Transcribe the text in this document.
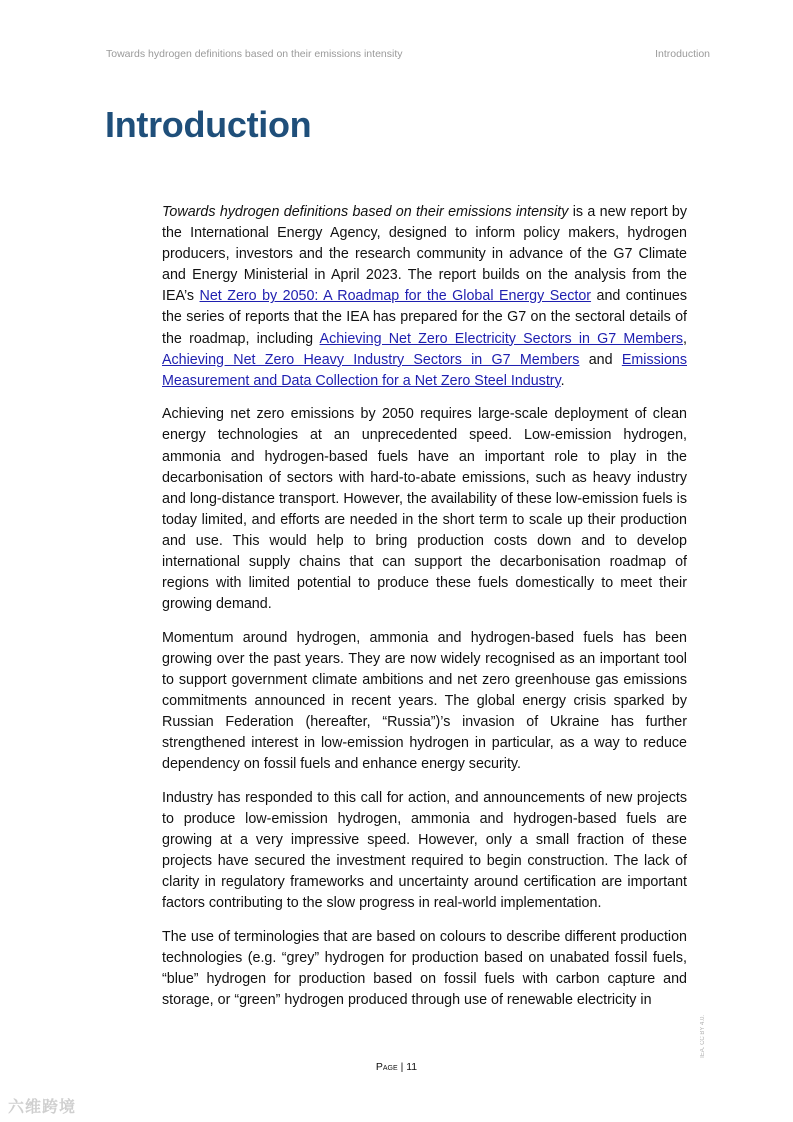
Towards hydrogen definitions based on their emissions intensity	Introduction
Introduction

Towards hydrogen definitions based on their emissions intensity is a new report by the International Energy Agency, designed to inform policy makers, hydrogen producers, investors and the research community in advance of the G7 Climate and Energy Ministerial in April 2023. The report builds on the analysis from the IEA’s Net Zero by 2050: A Roadmap for the Global Energy Sector and continues the series of reports that the IEA has prepared for the G7 on the sectoral details of the roadmap, including Achieving Net Zero Electricity Sectors in G7 Members, Achieving Net Zero Heavy Industry Sectors in G7 Members and Emissions Measurement and Data Collection for a Net Zero Steel Industry.

Achieving net zero emissions by 2050 requires large-scale deployment of clean energy technologies at an unprecedented speed. Low-emission hydrogen, ammonia and hydrogen-based fuels have an important role to play in the decarbonisation of sectors with hard-to-abate emissions, such as heavy industry and long-distance transport. However, the availability of these low-emission fuels is today limited, and efforts are needed in the short term to scale up their production and use. This would help to bring production costs down and to develop international supply chains that can support the decarbonisation roadmap of regions with limited potential to produce these fuels domestically to meet their growing demand.

Momentum around hydrogen, ammonia and hydrogen-based fuels has been growing over the past years. They are now widely recognised as an important tool to support government climate ambitions and net zero greenhouse gas emissions commitments announced in recent years. The global energy crisis sparked by Russian Federation (hereafter, “Russia”)’s invasion of Ukraine has further strengthened interest in low-emission hydrogen in particular, as a way to reduce dependency on fossil fuels and enhance energy security.

Industry has responded to this call for action, and announcements of new projects to produce low-emission hydrogen, ammonia and hydrogen-based fuels are growing at a very impressive speed. However, only a small fraction of these projects have secured the investment required to begin construction. The lack of clarity in regulatory frameworks and uncertainty around certification are important factors contributing to the slow progress in real-world implementation.

The use of terminologies that are based on colours to describe different production technologies (e.g. “grey” hydrogen for production based on unabated fossil fuels, “blue” hydrogen for production based on fossil fuels with carbon capture and storage, or “green” hydrogen produced through use of renewable electricity in

Page | 11
IEA. CC BY 4.0.
六维跨境
